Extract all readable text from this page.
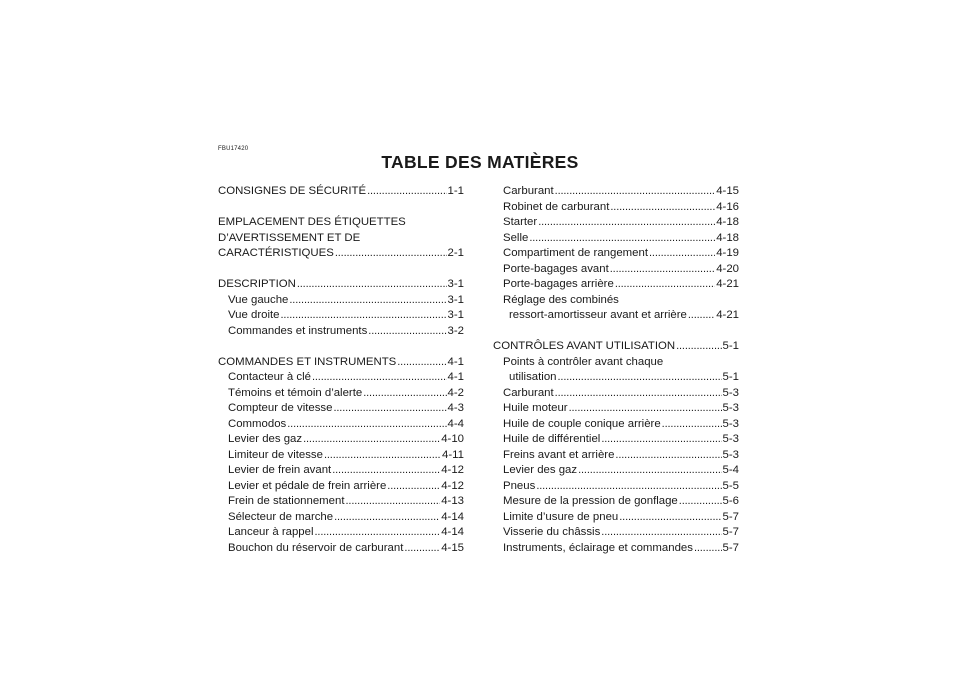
FBU17420
TABLE DES MATIÈRES
CONSIGNES DE SÉCURITÉ . . .	1-1
EMPLACEMENT DES ÉTIQUETTES
D’AVERTISSEMENT ET DE
CARACTÉRISTIQUES . . .	2-1
DESCRIPTION . . .	3-1
Vue gauche . . .	3-1
Vue droite . . .	3-1
Commandes et instruments . . .	3-2
COMMANDES ET INSTRUMENTS . . .	4-1
Contacteur à clé . . .	4-1
Témoins et témoin d’alerte . . .	4-2
Compteur de vitesse . . .	4-3
Commodos . . .	4-4
Levier des gaz . . .	4-10
Limiteur de vitesse . . .	4-11
Levier de frein avant . . .	4-12
Levier et pédale de frein arrière . . .	4-12
Frein de stationnement . . .	4-13
Sélecteur de marche . . .	4-14
Lanceur à rappel . . .	4-14
Bouchon du réservoir de carburant . . .	4-15
Carburant . . .	4-15
Robinet de carburant . . .	4-16
Starter . . .	4-18
Selle . . .	4-18
Compartiment de rangement . . .	4-19
Porte-bagages avant . . .	4-20
Porte-bagages arrière . . .	4-21
Réglage des combinés
ressort-amortisseur avant et arrière . . .	4-21
CONTRÔLES AVANT UTILISATION . . .	5-1
Points à contrôler avant chaque
utilisation . . .	5-1
Carburant . . .	5-3
Huile moteur . . .	5-3
Huile de couple conique arrière . . .	5-3
Huile de différentiel . . .	5-3
Freins avant et arrière . . .	5-3
Levier des gaz . . .	5-4
Pneus . . .	5-5
Mesure de la pression de gonflage . . .	5-6
Limite d’usure de pneu . . .	5-7
Visserie du châssis . . .	5-7
Instruments, éclairage et commandes . . .	5-7
